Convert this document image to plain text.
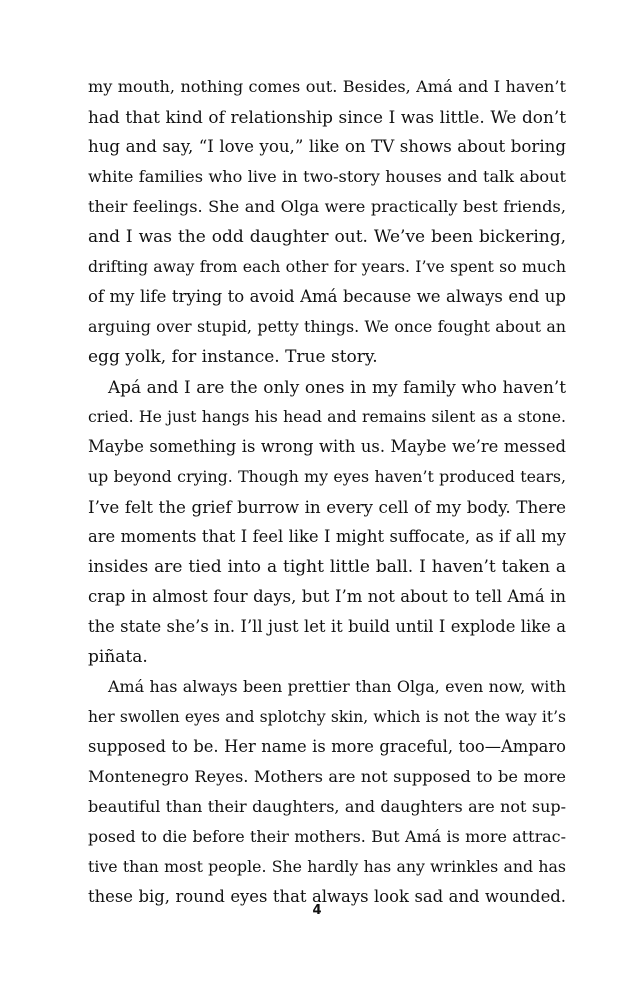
my mouth, nothing comes out. Besides, Amá and I haven’t
had that kind of relationship since I was little. We don’t
hug and say, “I love you,” like on TV shows about boring
white families who live in two-story houses and talk about
their feelings. She and Olga were practically best friends,
and I was the odd daughter out. We’ve been bickering,
drifting away from each other for years. I’ve spent so much
of my life trying to avoid Amá because we always end up
arguing over stupid, petty things. We once fought about an
egg yolk, for instance. True story.
Apá and I are the only ones in my family who haven’t
cried. He just hangs his head and remains silent as a stone.
Maybe something is wrong with us. Maybe we’re messed
up beyond crying. Though my eyes haven’t produced tears,
I’ve felt the grief burrow in every cell of my body. There
are moments that I feel like I might suffocate, as if all my
insides are tied into a tight little ball. I haven’t taken a
crap in almost four days, but I’m not about to tell Amá in
the state she’s in. I’ll just let it build until I explode like a
piñata.
Amá has always been prettier than Olga, even now, with
her swollen eyes and splotchy skin, which is not the way it’s
supposed to be. Her name is more graceful, too—Amparo
Montenegro Reyes. Mothers are not supposed to be more
beautiful than their daughters, and daughters are not sup-
posed to die before their mothers. But Amá is more attrac-
tive than most people. She hardly has any wrinkles and has
these big, round eyes that always look sad and wounded.
4
